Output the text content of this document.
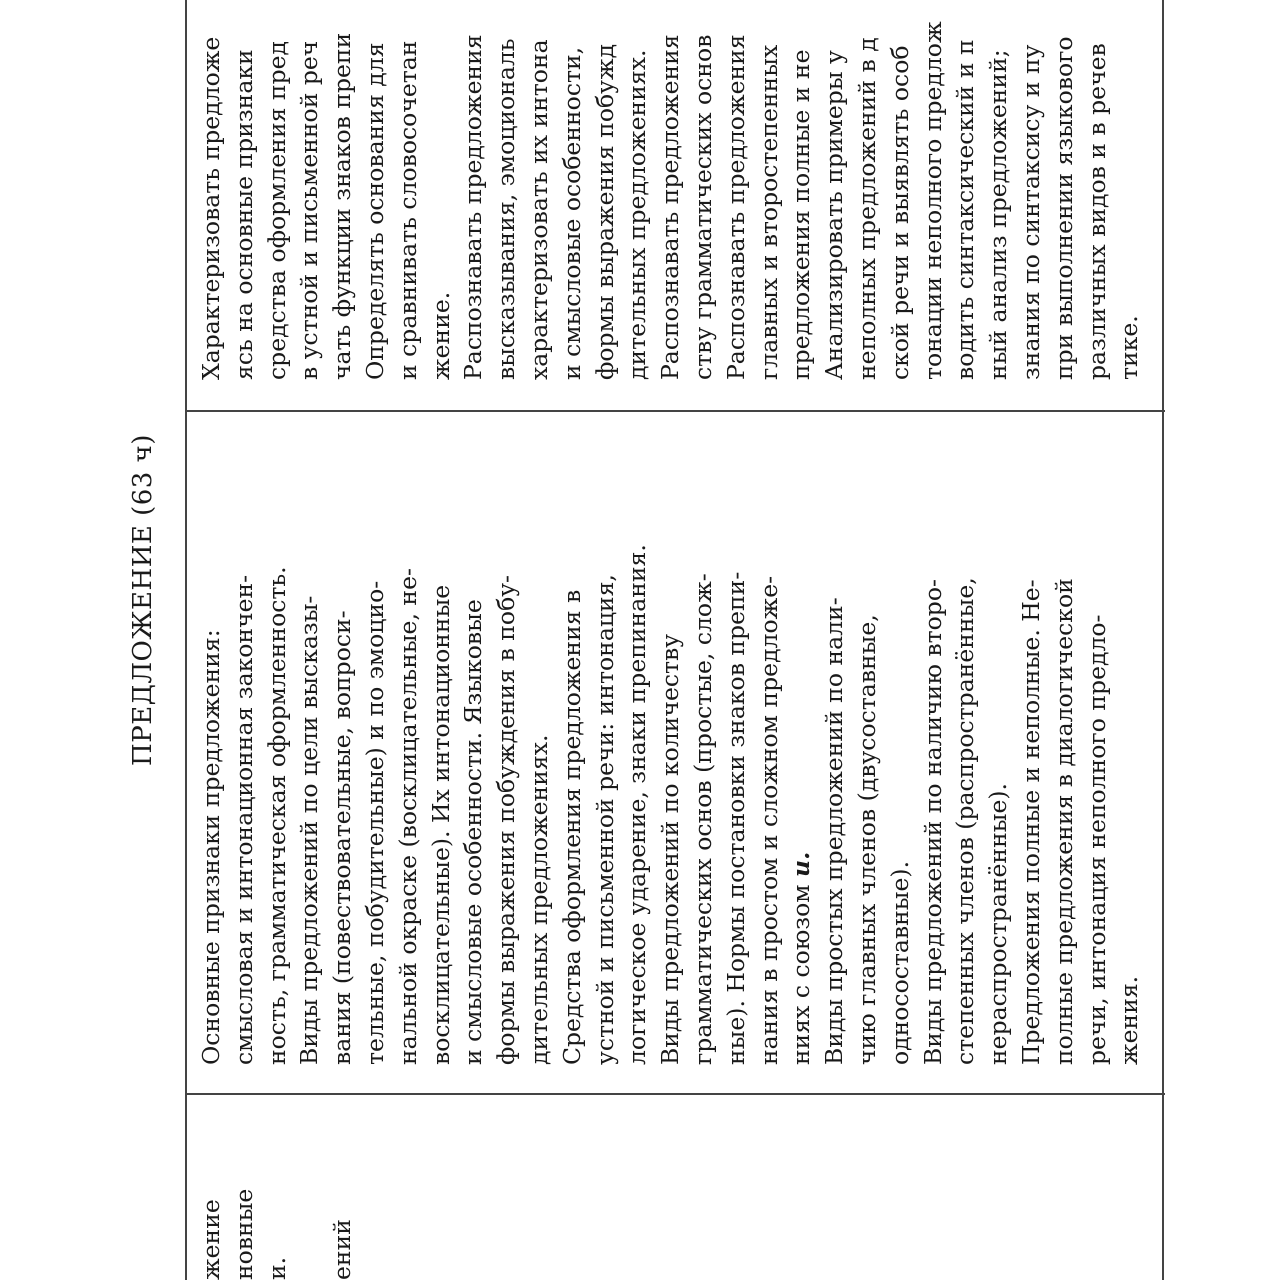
ПРЕДЛОЖЕНИЕ (63 ч)
жение новные и.
ений
Основные признаки предложения: смысловая и интонационная закончен- ность, грамматическая оформленность. Виды предложений по цели высказы- вания (повествовательные, вопроси- тельные, побудительные) и по эмоцио- нальной окраске (восклицательные, не- восклицательные). Их интонационные и смысловые особенности. Языковые формы выражения побуждения в побу- дительных предложениях. Средства оформления предложения в устной и письменной речи: интонация, логическое ударение, знаки препинания. Виды предложений по количеству грамматических основ (простые, слож- ные). Нормы постановки знаков препи- нания в простом и сложном предложе- ниях с союзом и. Виды простых предложений по нали- чию главных членов (двусоставные, односоставные). Виды предложений по наличию второ- степенных членов (распространённые, нераспространённые). Предложения полные и неполные. Не- полные предложения в диалогической речи, интонация неполного предло- жения.
Характеризовать предложе ясь на основные признаки средства оформления пред в устной и письменной реч чать функции знаков препи Определять основания для и сравнивать словосочетан жение. Распознавать предложения высказывания, эмоциональ характеризовать их интона и смысловые особенности, формы выражения побужд дительных предложениях. Распознавать предложения ству грамматических основ Распознавать предложения главных и второстепенных предложения полные и не Анализировать примеры у неполных предложений в д ской речи и выявлять особ тонации неполного предлож водить синтаксический и п ный анализ предложений; знания по синтаксису и пу при выполнении языкового различных видов и в речев тике.
